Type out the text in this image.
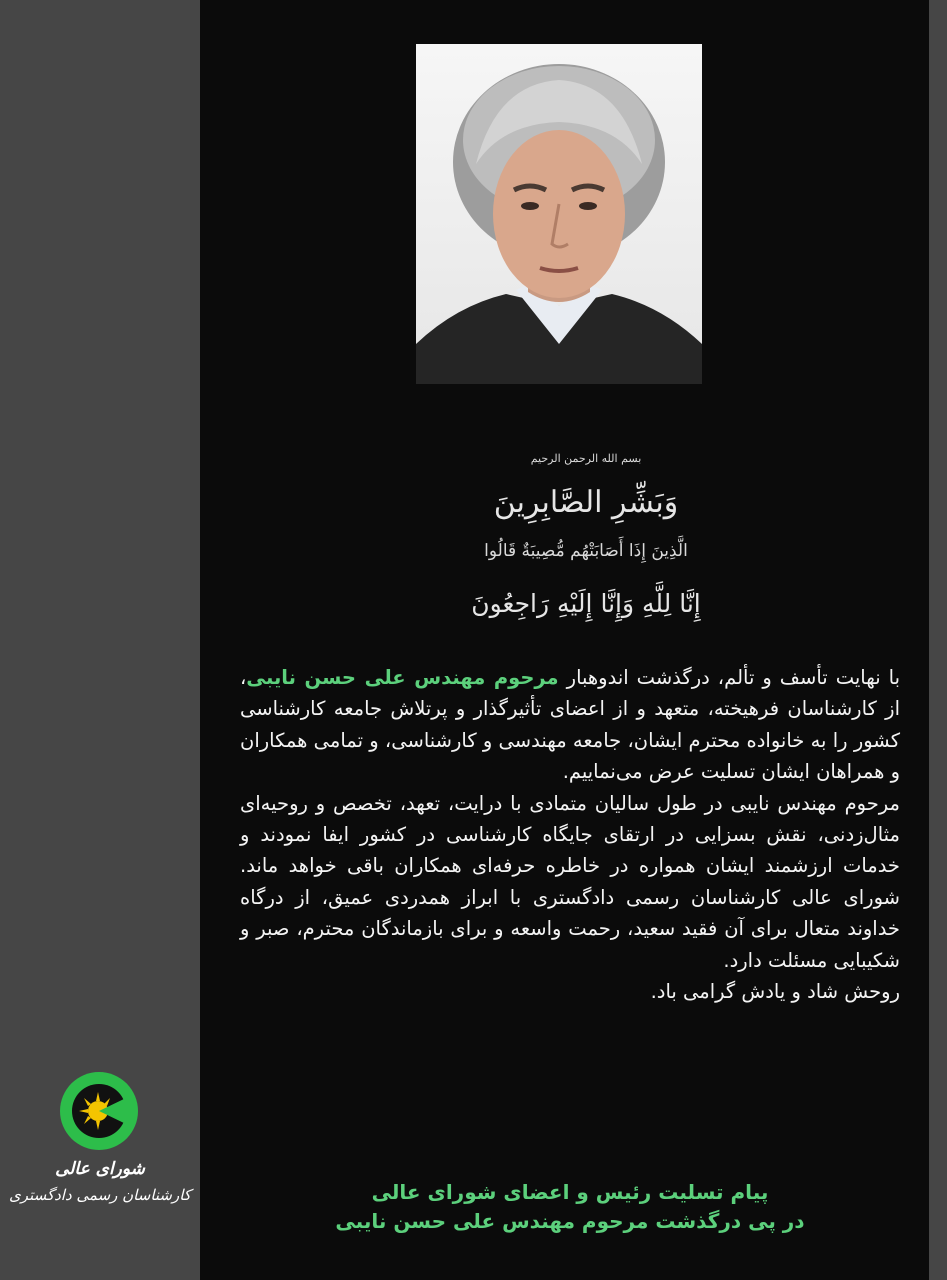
بسم الله الرحمن الرحیم
وَبَشِّرِ الصَّابِرِينَ
الَّذِينَ إِذَا أَصَابَتْهُم مُّصِيبَةٌ قَالُوا
إِنَّا لِلَّهِ وَإِنَّا إِلَيْهِ رَاجِعُونَ

با نهایت تأسف و تألم، درگذشت اندوهبار مرحوم مهندس علی حسن نایبی، از کارشناسان فرهیخته، متعهد و از اعضای تأثیرگذار و پرتلاش جامعه کارشناسی کشور را به خانواده محترم ایشان، جامعه مهندسی و کارشناسی، و تمامی همکاران و همراهان ایشان تسلیت عرض می‌نماییم.

مرحوم مهندس نایبی در طول سالیان متمادی با درایت، تعهد، تخصص و روحیه‌ای مثال‌زدنی، نقش بسزایی در ارتقای جایگاه کارشناسی در کشور ایفا نمودند و خدمات ارزشمند ایشان همواره در خاطره حرفه‌ای همکاران باقی خواهد ماند. شورای عالی کارشناسان رسمی دادگستری با ابراز همدردی عمیق، از درگاه خداوند متعال برای آن فقید سعید، رحمت واسعه و برای بازماندگان محترم، صبر و شکیبایی مسئلت دارد.

روحش شاد و یادش گرامی باد.

پیام تسلیت رئیس و اعضای شورای عالی
در پی درگذشت مرحوم مهندس علی حسن نایبی
شورای عالی
کارشناسان رسمی دادگستری
